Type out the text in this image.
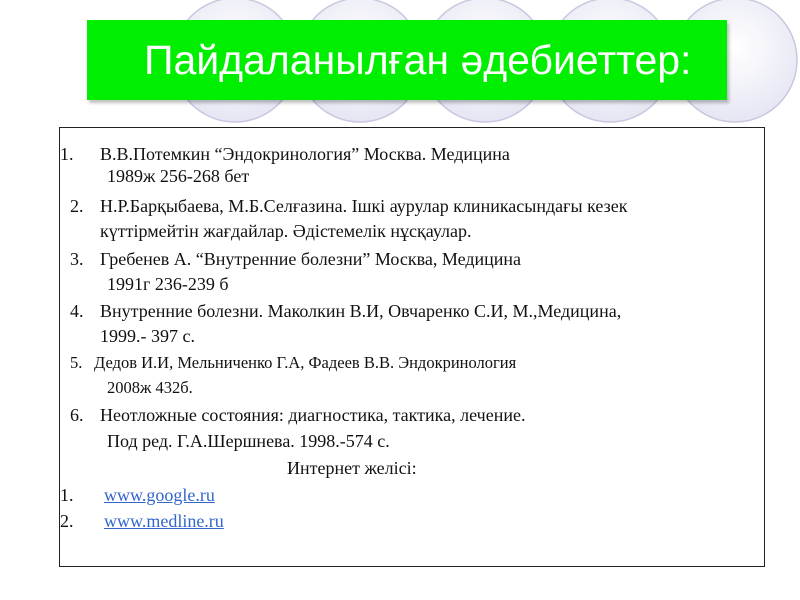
Пайдаланылған әдебиеттер:
1. В.В.Потемкин “Эндокринология” Москва. Медицина
1989ж 256-268 бет
2. Н.Р.Барқыбаева, М.Б.Селғазина. Ішкі аурулар клиникасындағы кезек
күттірмейтін жағдайлар. Әдістемелік нұсқаулар.
3. Гребенев А. “Внутренние болезни” Москва, Медицина
1991г 236-239 б
4. Внутренние болезни. Маколкин В.И, Овчаренко С.И, М.,Медицина,
1999.- 397 с.
5. Дедов И.И, Мельниченко Г.А, Фадеев В.В. Эндокринология
2008ж 432б.
6. Неотложные состояния: диагностика, тактика, лечение.
Под ред. Г.А.Шершнева. 1998.-574 с.
Интернет желісі:
1. www.google.ru
2. www.medline.ru
